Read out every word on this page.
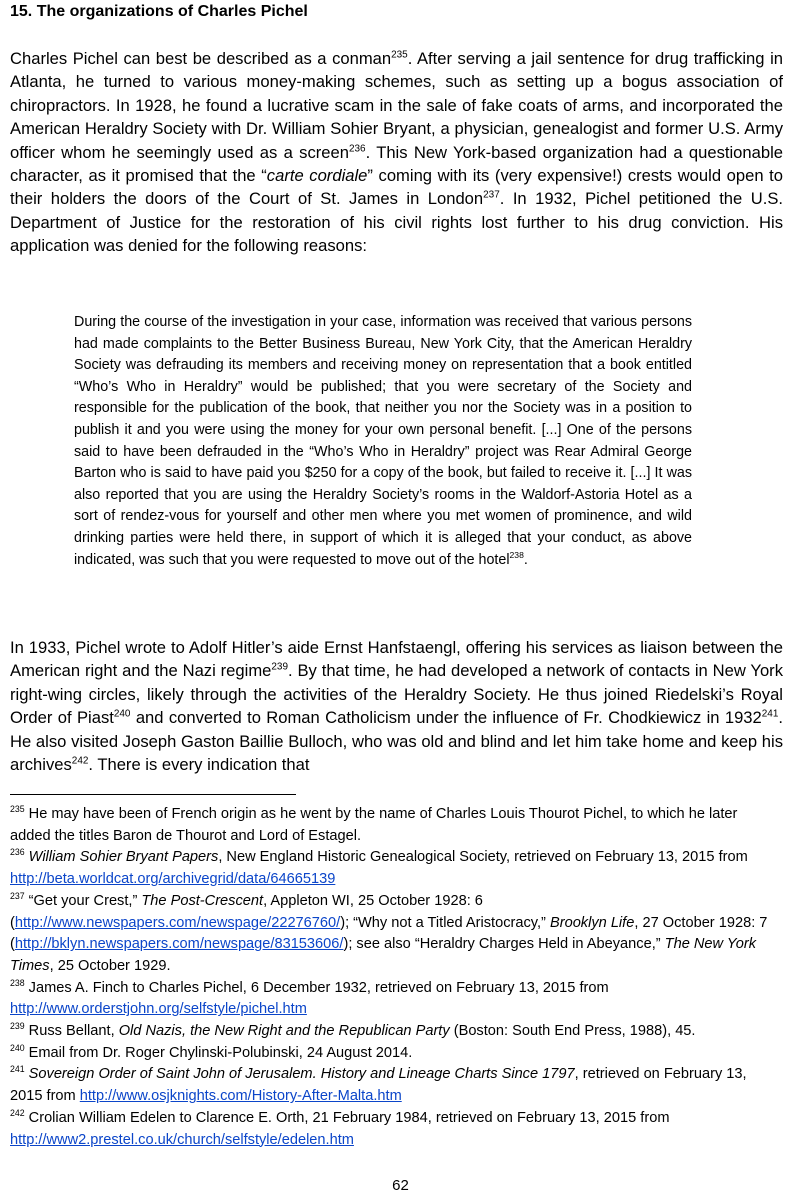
15. The organizations of Charles Pichel

Charles Pichel can best be described as a conman$^{235}$. After serving a jail sentence for drug trafficking in Atlanta, he turned to various money-making schemes, such as setting up a bogus association of chiropractors. In 1928, he found a lucrative scam in the sale of fake coats of arms, and incorporated the American Heraldry Society with Dr. William Sohier Bryant, a physician, genealogist and former U.S. Army officer whom he seemingly used as a screen$^{236}$. This New York-based organization had a questionable character, as it promised that the “carte cordiale” coming with its (very expensive!) crests would open to their holders the doors of the Court of St. James in London$^{237}$. In 1932, Pichel petitioned the U.S. Department of Justice for the restoration of his civil rights lost further to his drug conviction. His application was denied for the following reasons:

During the course of the investigation in your case, information was received that various persons had made complaints to the Better Business Bureau, New York City, that the American Heraldry Society was defrauding its members and receiving money on representation that a book entitled “Who’s Who in Heraldry” would be published; that you were secretary of the Society and responsible for the publication of the book, that neither you nor the Society was in a position to publish it and you were using the money for your own personal benefit. [...] One of the persons said to have been defrauded in the “Who’s Who in Heraldry” project was Rear Admiral George Barton who is said to have paid you $250 for a copy of the book, but failed to receive it. [...] It was also reported that you are using the Heraldry Society’s rooms in the Waldorf-Astoria Hotel as a sort of rendez-vous for yourself and other men where you met women of prominence, and wild drinking parties were held there, in support of which it is alleged that your conduct, as above indicated, was such that you were requested to move out of the hotel$^{238}$.

In 1933, Pichel wrote to Adolf Hitler’s aide Ernst Hanfstaengl, offering his services as liaison between the American right and the Nazi regime$^{239}$. By that time, he had developed a network of contacts in New York right-wing circles, likely through the activities of the Heraldry Society. He thus joined Riedelski’s Royal Order of Piast$^{240}$ and converted to Roman Catholicism under the influence of Fr. Chodkiewicz in 1932$^{241}$. He also visited Joseph Gaston Baillie Bulloch, who was old and blind and let him take home and keep his archives$^{242}$. There is every indication that

$^{235}$ He may have been of French origin as he went by the name of Charles Louis Thourot Pichel, to which he later added the titles Baron de Thourot and Lord of Estagel.

$^{236}$ William Sohier Bryant Papers, New England Historic Genealogical Society, retrieved on February 13, 2015 from http://beta.worldcat.org/archivegrid/data/64665139

$^{237}$ “Get your Crest,” The Post-Crescent, Appleton WI, 25 October 1928: 6 (http://www.newspapers.com/newspage/22276760/); “Why not a Titled Aristocracy,” Brooklyn Life, 27 October 1928: 7 (http://bklyn.newspapers.com/newspage/83153606/); see also “Heraldry Charges Held in Abeyance,” The New York Times, 25 October 1929.

$^{238}$ James A. Finch to Charles Pichel, 6 December 1932, retrieved on February 13, 2015 from http://www.orderstjohn.org/selfstyle/pichel.htm

$^{239}$ Russ Bellant, Old Nazis, the New Right and the Republican Party (Boston: South End Press, 1988), 45.

$^{240}$ Email from Dr. Roger Chylinski-Polubinski, 24 August 2014.

$^{241}$ Sovereign Order of Saint John of Jerusalem. History and Lineage Charts Since 1797, retrieved on February 13, 2015 from http://www.osjknights.com/History-After-Malta.htm

$^{242}$ Crolian William Edelen to Clarence E. Orth, 21 February 1984, retrieved on February 13, 2015 from http://www2.prestel.co.uk/church/selfstyle/edelen.htm

62
